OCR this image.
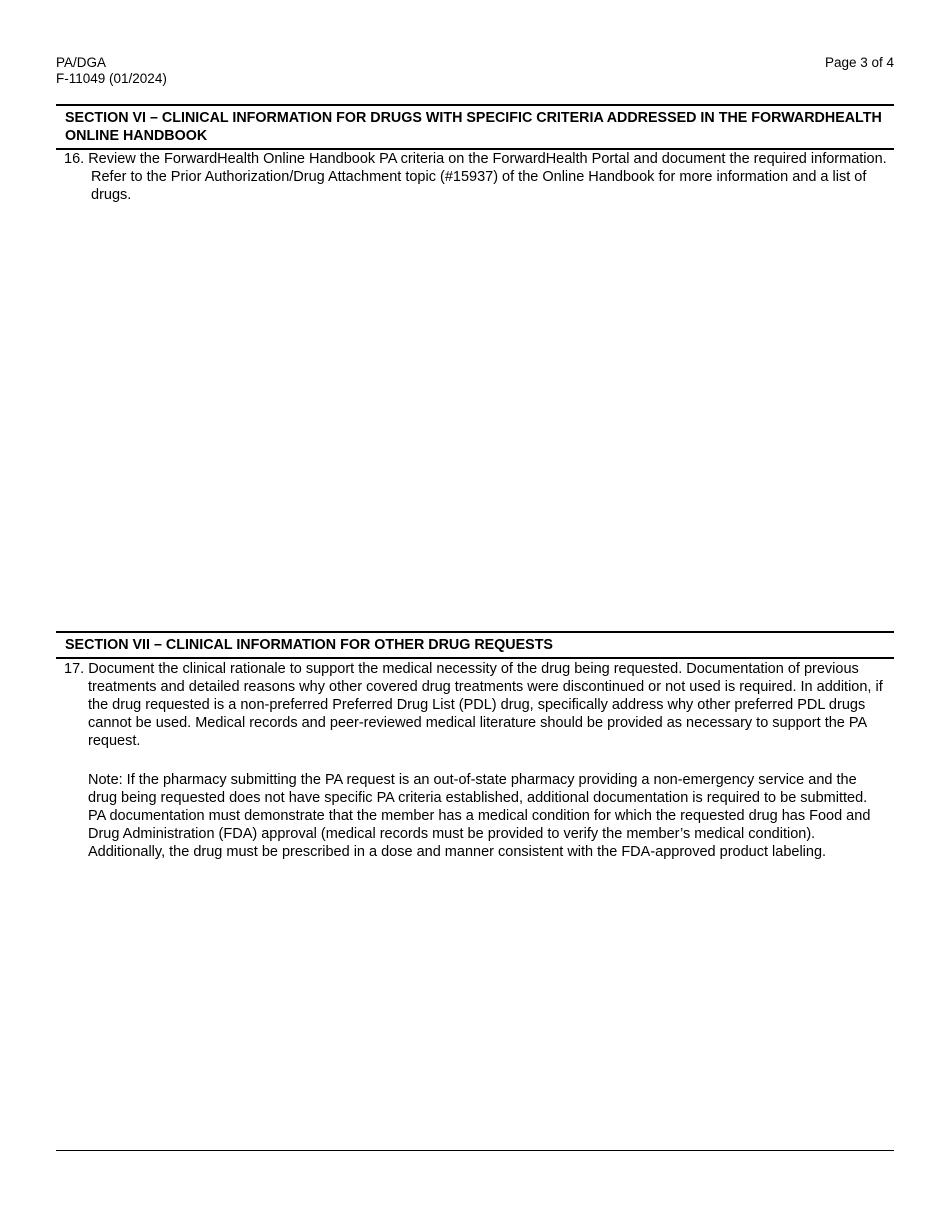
PA/DGA
F-11049 (01/2024)
Page 3 of 4
SECTION VI – CLINICAL INFORMATION FOR DRUGS WITH SPECIFIC CRITERIA ADDRESSED IN THE FORWARDHEALTH ONLINE HANDBOOK
16. Review the ForwardHealth Online Handbook PA criteria on the ForwardHealth Portal and document the required information. Refer to the Prior Authorization/Drug Attachment topic (#15937) of the Online Handbook for more information and a list of drugs.
SECTION VII – CLINICAL INFORMATION FOR OTHER DRUG REQUESTS
17. Document the clinical rationale to support the medical necessity of the drug being requested. Documentation of previous treatments and detailed reasons why other covered drug treatments were discontinued or not used is required. In addition, if the drug requested is a non-preferred Preferred Drug List (PDL) drug, specifically address why other preferred PDL drugs cannot be used. Medical records and peer-reviewed medical literature should be provided as necessary to support the PA request.
Note: If the pharmacy submitting the PA request is an out-of-state pharmacy providing a non-emergency service and the drug being requested does not have specific PA criteria established, additional documentation is required to be submitted. PA documentation must demonstrate that the member has a medical condition for which the requested drug has Food and Drug Administration (FDA) approval (medical records must be provided to verify the member’s medical condition). Additionally, the drug must be prescribed in a dose and manner consistent with the FDA-approved product labeling.
